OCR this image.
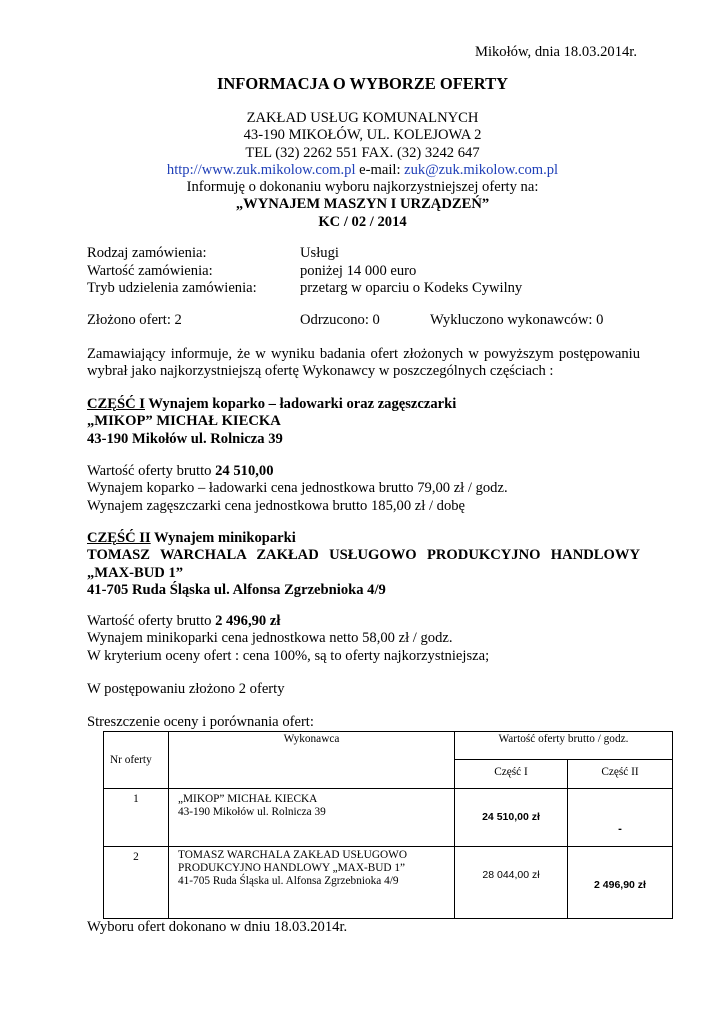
Mikołów, dnia 18.03.2014r.
INFORMACJA O WYBORZE OFERTY
ZAKŁAD USŁUG KOMUNALNYCH
43-190 MIKOŁÓW, UL. KOLEJOWA 2
TEL (32) 2262 551 FAX. (32) 3242 647
http://www.zuk.mikolow.com.pl e-mail: zuk@zuk.mikolow.com.pl
Informuję o dokonaniu wyboru najkorzystniejszej oferty na:
„WYNAJEM MASZYN I URZĄDZEŃ”
KC / 02 / 2014
Rodzaj zamówienia:	Usługi
Wartość zamówienia:	poniżej 14 000 euro
Tryb udzielenia zamówienia:	przetarg w oparciu o Kodeks Cywilny
Złożono ofert: 2	Odrzucono: 0	Wykluczono wykonawców: 0
Zamawiający informuje, że w wyniku badania ofert złożonych w powyższym postępowaniu
wybrał jako najkorzystniejszą ofertę Wykonawcy w poszczególnych częściach :
CZĘŚĆ I Wynajem koparko – ładowarki oraz zagęszczarki
„MIKOP” MICHAŁ KIECKA
43-190 Mikołów ul. Rolnicza 39
Wartość oferty brutto 24 510,00
Wynajem koparko – ładowarki cena jednostkowa brutto 79,00 zł / godz.
Wynajem zagęszczarki cena jednostkowa brutto 185,00 zł / dobę
CZĘŚĆ II Wynajem minikoparki
TOMASZ WARCHALA ZAKŁAD USŁUGOWO PRODUKCYJNO HANDLOWY
„MAX-BUD 1”
41-705 Ruda Śląska ul. Alfonsa Zgrzebnioka 4/9
Wartość oferty brutto 2 496,90 zł
Wynajem minikoparki cena jednostkowa netto 58,00 zł / godz.
W kryterium oceny ofert : cena 100%, są to oferty najkorzystniejsza;
W postępowaniu złożono 2 oferty
Streszczenie oceny i porównania ofert:
Nr oferty	Wykonawca	Wartość oferty brutto / godz.	
		Część I	Część II
1	„MIKOP” MICHAŁ KIECKA
43-190 Mikołów ul. Rolnicza 39	24 510,00 zł	-
2	TOMASZ WARCHALA ZAKŁAD USŁUGOWO
PRODUKCYJNO HANDLOWY „MAX-BUD 1”
41-705 Ruda Śląska ul. Alfonsa Zgrzebnioka 4/9	28 044,00 zł	2 496,90 zł
Wyboru ofert dokonano w dniu 18.03.2014r.
